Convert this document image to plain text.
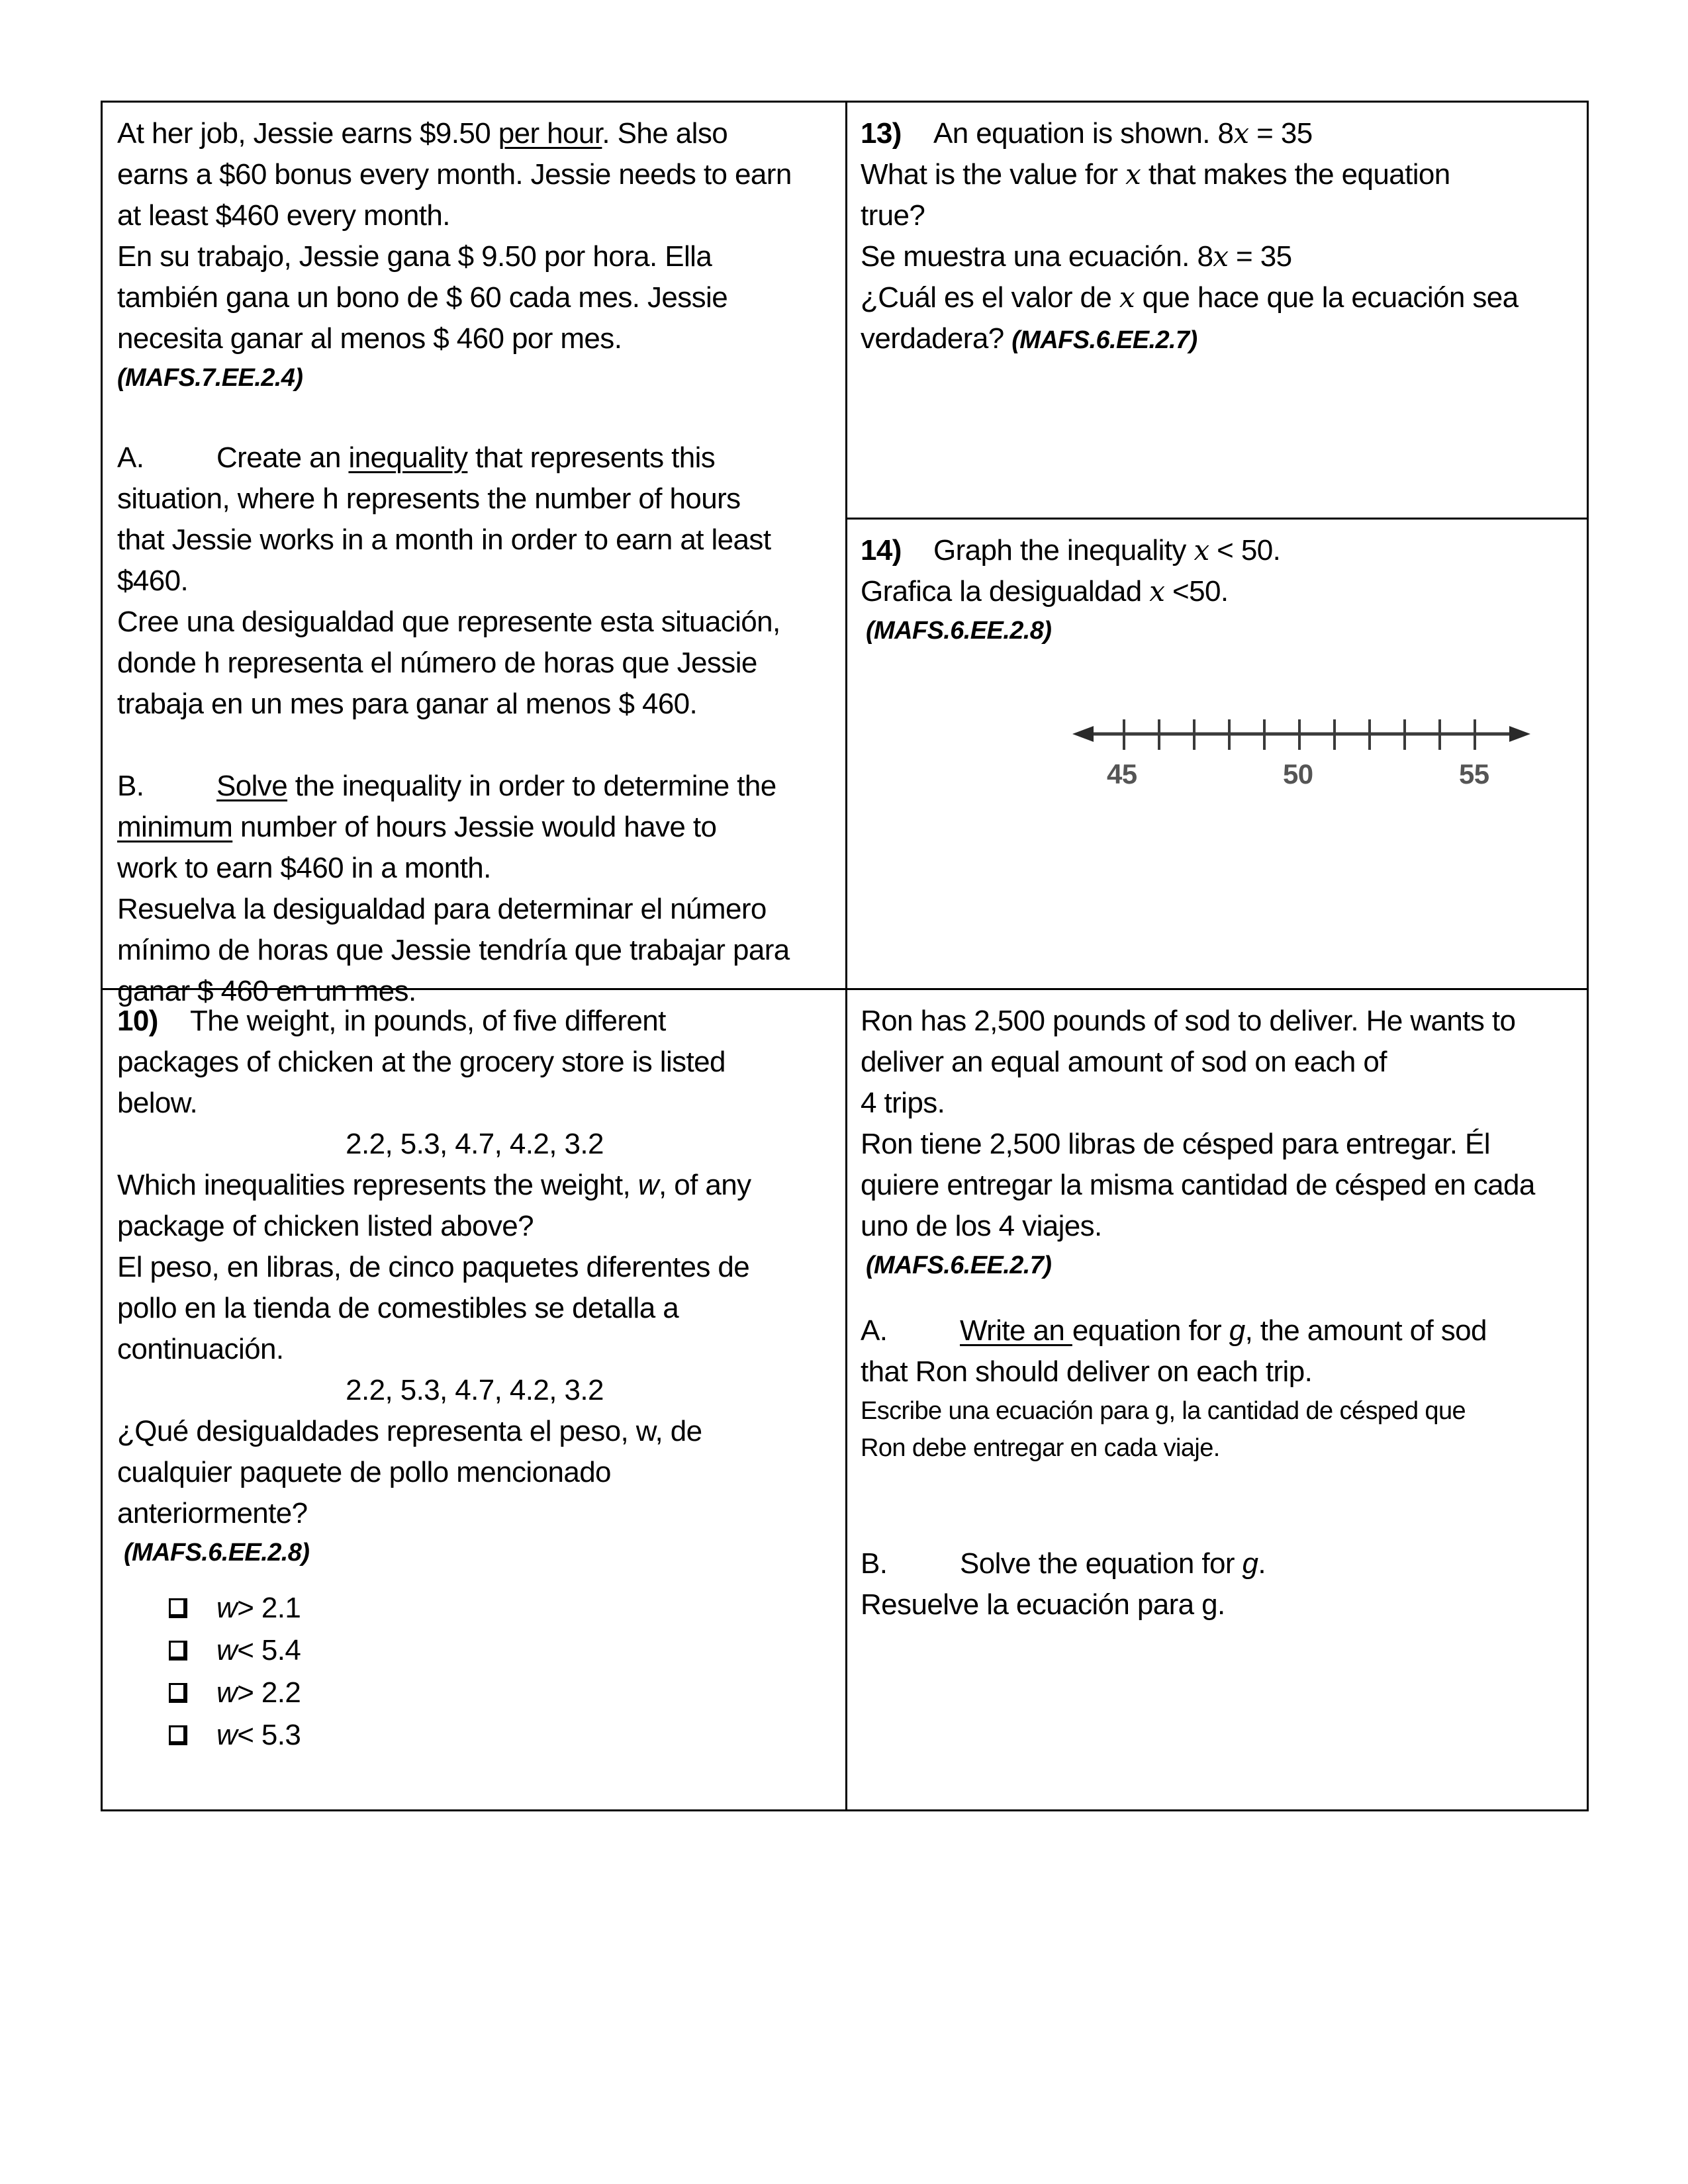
At her job, Jessie earns $9.50 per hour. She also
earns a $60 bonus every month. Jessie needs to earn
at least $460 every month.
En su trabajo, Jessie gana $ 9.50 por hora. Ella
también gana un bono de $ 60 cada mes. Jessie
necesita ganar al menos $ 460 por mes.
(MAFS.7.EE.2.4)
A. Create an inequality that represents this
situation, where h represents the number of hours
that Jessie works in a month in order to earn at least
$460.
Cree una desigualdad que represente esta situación,
donde h representa el número de horas que Jessie
trabaja en un mes para ganar al menos $ 460.
B. Solve the inequality in order to determine the
minimum number of hours Jessie would have to
work to earn $460 in a month.
Resuelva la desigualdad para determinar el número
mínimo de horas que Jessie tendría que trabajar para
ganar $ 460 en un mes.
13) An equation is shown. 8x = 35
What is the value for x that makes the equation
true?
Se muestra una ecuación. 8x = 35
¿Cuál es el valor de x que hace que la ecuación sea
verdadera? (MAFS.6.EE.2.7)
14) Graph the inequality x < 50.
Grafica la desigualdad x <50.
(MAFS.6.EE.2.8)
45	50	55
10) The weight, in pounds, of five different
packages of chicken at the grocery store is listed
below.
2.2, 5.3, 4.7, 4.2, 3.2
Which inequalities represents the weight, w, of any
package of chicken listed above?
El peso, en libras, de cinco paquetes diferentes de
pollo en la tienda de comestibles se detalla a
continuación.
2.2, 5.3, 4.7, 4.2, 3.2
¿Qué desigualdades representa el peso, w, de
cualquier paquete de pollo mencionado
anteriormente?
(MAFS.6.EE.2.8)
w > 2.1
w < 5.4
w > 2.2
w < 5.3
Ron has 2,500 pounds of sod to deliver. He wants to
deliver an equal amount of sod on each of
4 trips.
Ron tiene 2,500 libras de césped para entregar. Él
quiere entregar la misma cantidad de césped en cada
uno de los 4 viajes.
(MAFS.6.EE.2.7)
A. Write an equation for g, the amount of sod
that Ron should deliver on each trip.
Escribe una ecuación para g, la cantidad de césped que
Ron debe entregar en cada viaje.
B. Solve the equation for g.
Resuelve la ecuación para g.
